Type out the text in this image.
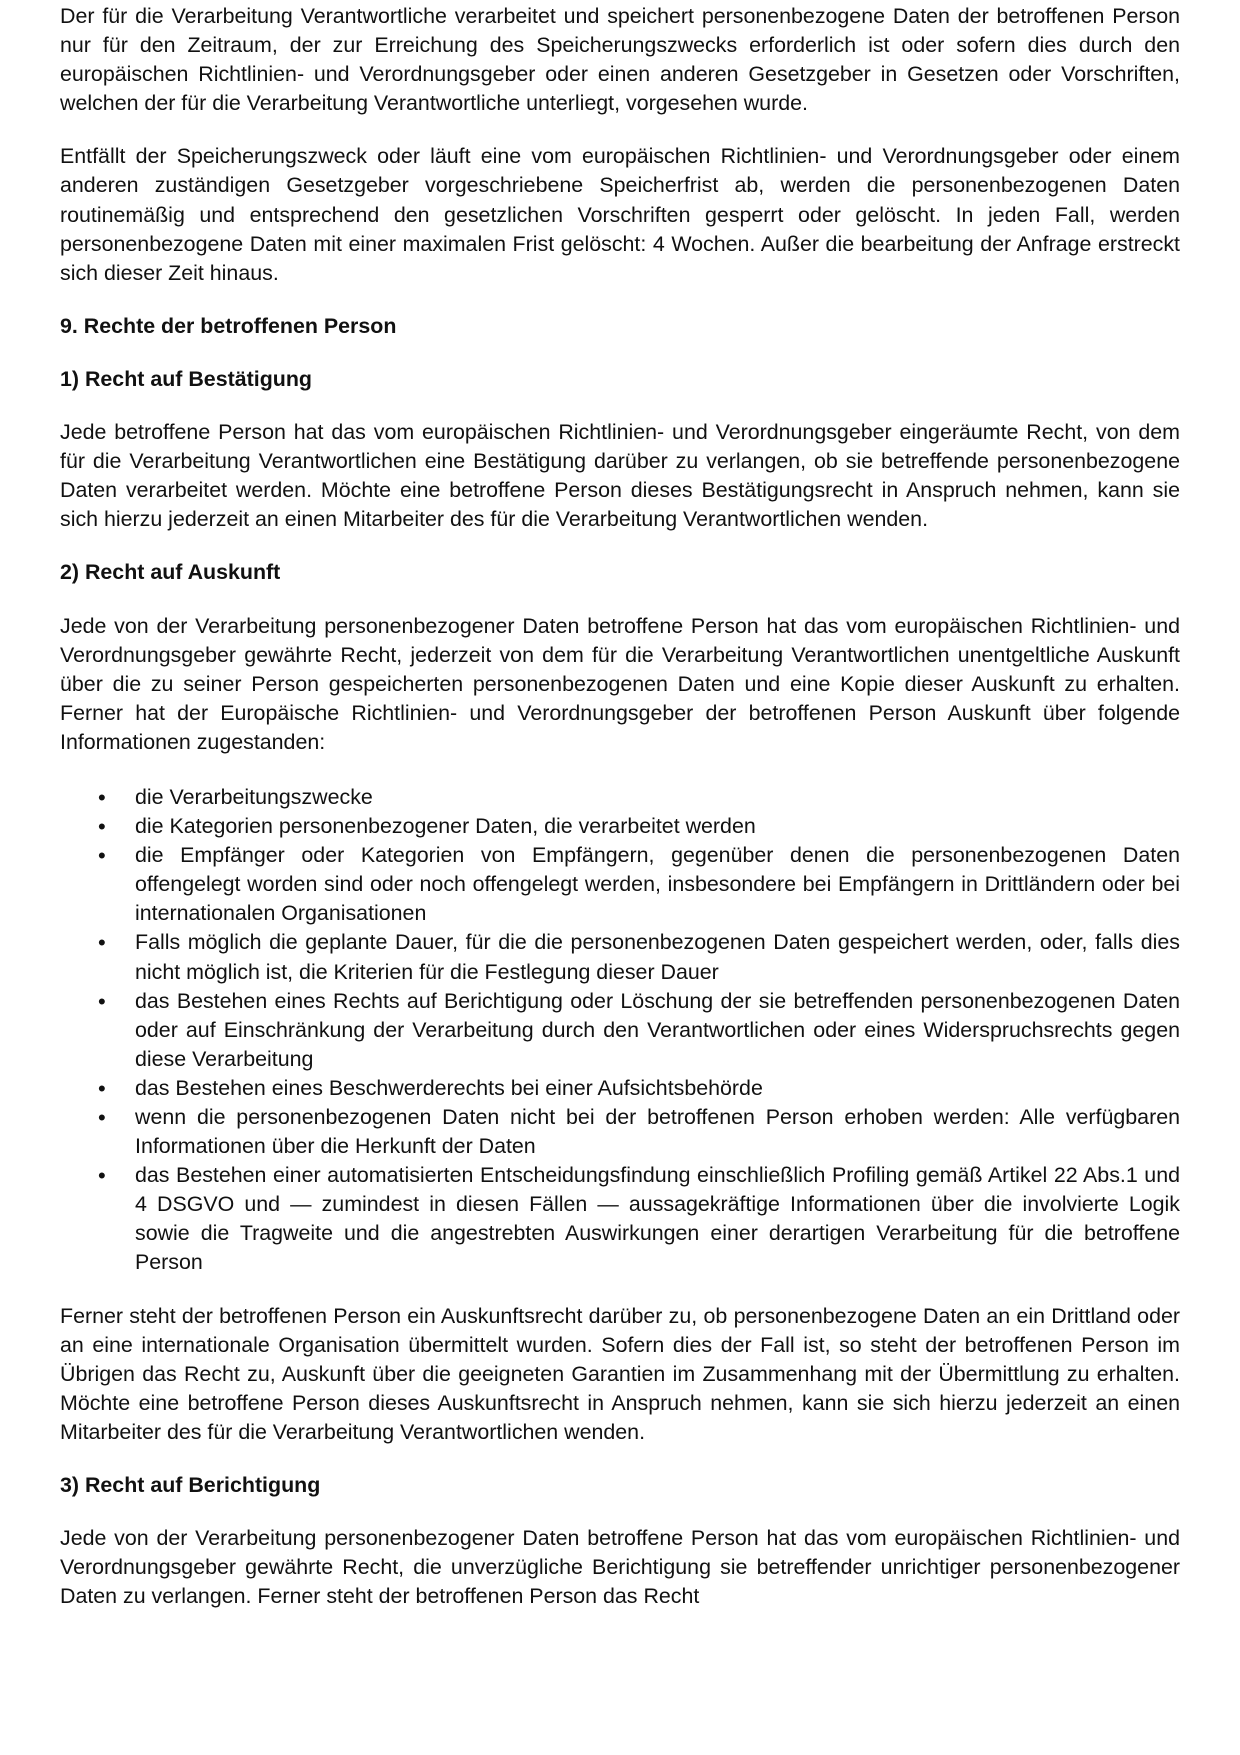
Der für die Verarbeitung Verantwortliche verarbeitet und speichert personenbezogene Daten der betroffenen Person nur für den Zeitraum, der zur Erreichung des Speicherungszwecks erforderlich ist oder sofern dies durch den europäischen Richtlinien- und Verordnungsgeber oder einen anderen Gesetzgeber in Gesetzen oder Vorschriften, welchen der für die Verarbeitung Verantwortliche unterliegt, vorgesehen wurde.

Entfällt der Speicherungszweck oder läuft eine vom europäischen Richtlinien- und Verordnungsgeber oder einem anderen zuständigen Gesetzgeber vorgeschriebene Speicherfrist ab, werden die personenbezogenen Daten routinemäßig und entsprechend den gesetzlichen Vorschriften gesperrt oder gelöscht. In jeden Fall, werden personenbezogene Daten mit einer maximalen Frist gelöscht: 4 Wochen. Außer die bearbeitung der Anfrage erstreckt sich dieser Zeit hinaus.

9. Rechte der betroffenen Person
1) Recht auf Bestätigung

Jede betroffene Person hat das vom europäischen Richtlinien- und Verordnungsgeber eingeräumte Recht, von dem für die Verarbeitung Verantwortlichen eine Bestätigung darüber zu verlangen, ob sie betreffende personenbezogene Daten verarbeitet werden. Möchte eine betroffene Person dieses Bestätigungsrecht in Anspruch nehmen, kann sie sich hierzu jederzeit an einen Mitarbeiter des für die Verarbeitung Verantwortlichen wenden.

2) Recht auf Auskunft

Jede von der Verarbeitung personenbezogener Daten betroffene Person hat das vom europäischen Richtlinien- und Verordnungsgeber gewährte Recht, jederzeit von dem für die Verarbeitung Verantwortlichen unentgeltliche Auskunft über die zu seiner Person gespeicherten personenbezogenen Daten und eine Kopie dieser Auskunft zu erhalten. Ferner hat der Europäische Richtlinien- und Verordnungsgeber der betroffenen Person Auskunft über folgende Informationen zugestanden:

• die Verarbeitungszwecke
• die Kategorien personenbezogener Daten, die verarbeitet werden
• die Empfänger oder Kategorien von Empfängern, gegenüber denen die personenbezogenen Daten offengelegt worden sind oder noch offengelegt werden, insbesondere bei Empfängern in Drittländern oder bei internationalen Organisationen
• Falls möglich die geplante Dauer, für die die personenbezogenen Daten gespeichert werden, oder, falls dies nicht möglich ist, die Kriterien für die Festlegung dieser Dauer
• das Bestehen eines Rechts auf Berichtigung oder Löschung der sie betreffenden personenbezogenen Daten oder auf Einschränkung der Verarbeitung durch den Verantwortlichen oder eines Widerspruchsrechts gegen diese Verarbeitung
• das Bestehen eines Beschwerderechts bei einer Aufsichtsbehörde
• wenn die personenbezogenen Daten nicht bei der betroffenen Person erhoben werden: Alle verfügbaren Informationen über die Herkunft der Daten
• das Bestehen einer automatisierten Entscheidungsfindung einschließlich Profiling gemäß Artikel 22 Abs.1 und 4 DSGVO und — zumindest in diesen Fällen — aussagekräftige Informationen über die involvierte Logik sowie die Tragweite und die angestrebten Auswirkungen einer derartigen Verarbeitung für die betroffene Person

Ferner steht der betroffenen Person ein Auskunftsrecht darüber zu, ob personenbezogene Daten an ein Drittland oder an eine internationale Organisation übermittelt wurden. Sofern dies der Fall ist, so steht der betroffenen Person im Übrigen das Recht zu, Auskunft über die geeigneten Garantien im Zusammenhang mit der Übermittlung zu erhalten. Möchte eine betroffene Person dieses Auskunftsrecht in Anspruch nehmen, kann sie sich hierzu jederzeit an einen Mitarbeiter des für die Verarbeitung Verantwortlichen wenden.

3) Recht auf Berichtigung

Jede von der Verarbeitung personenbezogener Daten betroffene Person hat das vom europäischen Richtlinien- und Verordnungsgeber gewährte Recht, die unverzügliche Berichtigung sie betreffender unrichtiger personenbezogener Daten zu verlangen. Ferner steht der betroffenen Person das Recht
